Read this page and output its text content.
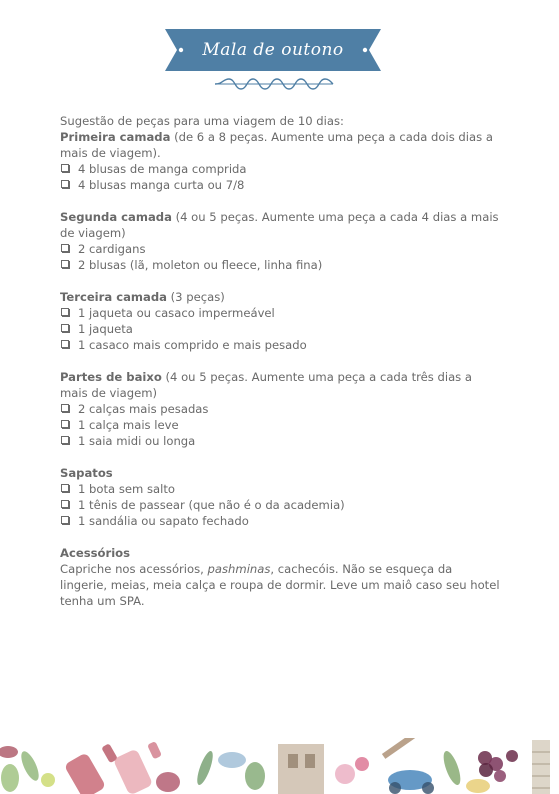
Mala de outono

Sugestão de peças para uma viagem de 10 dias:

Primeira camada (de 6 a 8 peças. Aumente uma peça a cada dois dias a mais de viagem).

4 blusas de manga comprida
4 blusas manga curta ou 7/8

Segunda camada (4 ou 5 peças. Aumente uma peça a cada 4 dias a mais de viagem)

2 cardigans
2 blusas (lã, moleton ou fleece, linha fina)

Terceira camada (3 peças)

1 jaqueta ou casaco impermeável
1 jaqueta
1 casaco mais comprido e mais pesado

Partes de baixo (4 ou 5 peças. Aumente uma peça a cada três dias a mais de viagem)

2 calças mais pesadas
1 calça mais leve
1 saia midi ou longa

Sapatos

1 bota sem salto
1 tênis de passear (que não é o da academia)
1 sandália ou sapato fechado

Acessórios

Capriche nos acessórios, pashminas, cachecóis. Não se esqueça da lingerie, meias, meia calça e roupa de dormir. Leve um maiô caso seu hotel tenha um SPA.
